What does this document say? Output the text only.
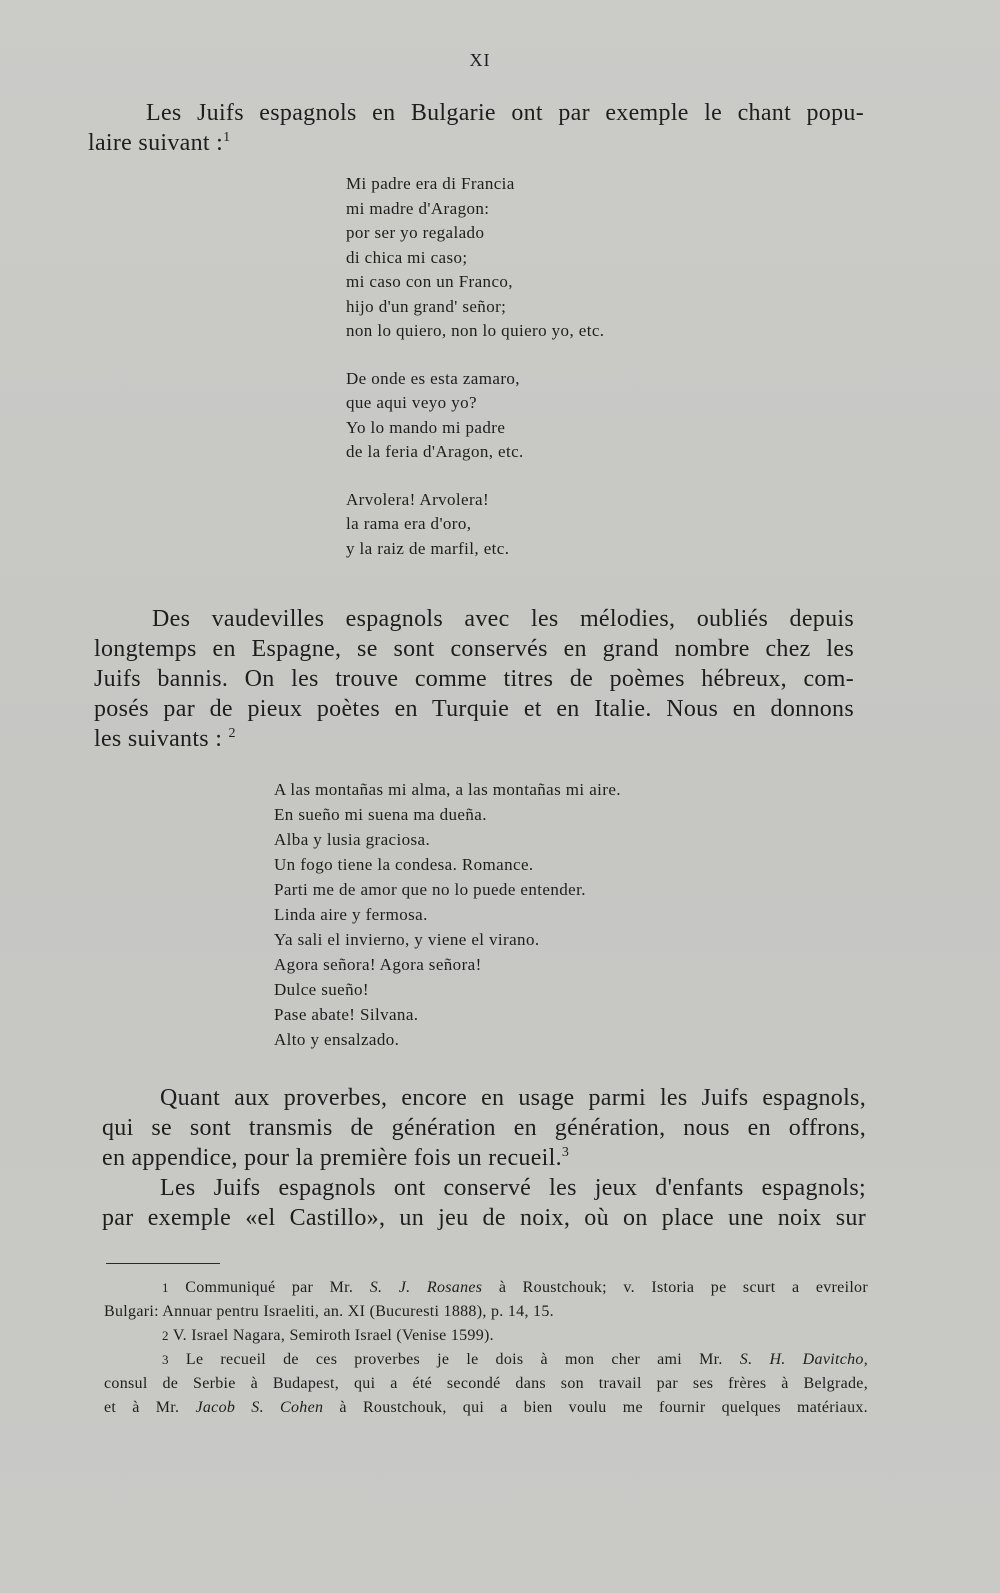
XI

Les Juifs espagnols en Bulgarie ont par exemple le chant popu-
laire suivant :$^1$

Mi padre era di Francia
mi madre d'Aragon:
por ser yo regalado
di chica mi caso;
mi caso con un Franco,
hijo d'un grand' señor;
non lo quiero, non lo quiero yo, etc.
De onde es esta zamaro,
que aqui veyo yo?
Yo lo mando mi padre
de la feria d'Aragon, etc.
Arvolera! Arvolera!
la rama era d'oro,
y la raiz de marfil, etc.

Des vaudevilles espagnols avec les mélodies, oubliés depuis
longtemps en Espagne, se sont conservés en grand nombre chez les
Juifs bannis. On les trouve comme titres de poèmes hébreux, com-
posés par de pieux poètes en Turquie et en Italie. Nous en donnons
les suivants : $^2$

A las montañas mi alma, a las montañas mi aire.
En sueño mi suena ma dueña.
Alba y lusia graciosa.
Un fogo tiene la condesa. Romance.
Parti me de amor que no lo puede entender.
Linda aire y fermosa.
Ya sali el invierno, y viene el virano.
Agora señora! Agora señora!
Dulce sueño!
Pase abate! Silvana.
Alto y ensalzado.

Quant aux proverbes, encore en usage parmi les Juifs espagnols,
qui se sont transmis de génération en génération, nous en offrons,
en appendice, pour la première fois un recueil.$^3$

Les Juifs espagnols ont conservé les jeux d'enfants espagnols;
par exemple «el Castillo», un jeu de noix, où on place une noix sur

1 Communiqué par Mr. S. J. Rosanes à Roustchouk; v. Istoria pe scurt a evreilor
Bulgari: Annuar pentru Israeliti, an. XI (Bucuresti 1888), p. 14, 15.
2 V. Israel Nagara, Semiroth Israel (Venise 1599).
3 Le recueil de ces proverbes je le dois à mon cher ami Mr. S. H. Davitcho,
consul de Serbie à Budapest, qui a été secondé dans son travail par ses frères à Belgrade,
et à Mr. Jacob S. Cohen à Roustchouk, qui a bien voulu me fournir quelques matériaux.
